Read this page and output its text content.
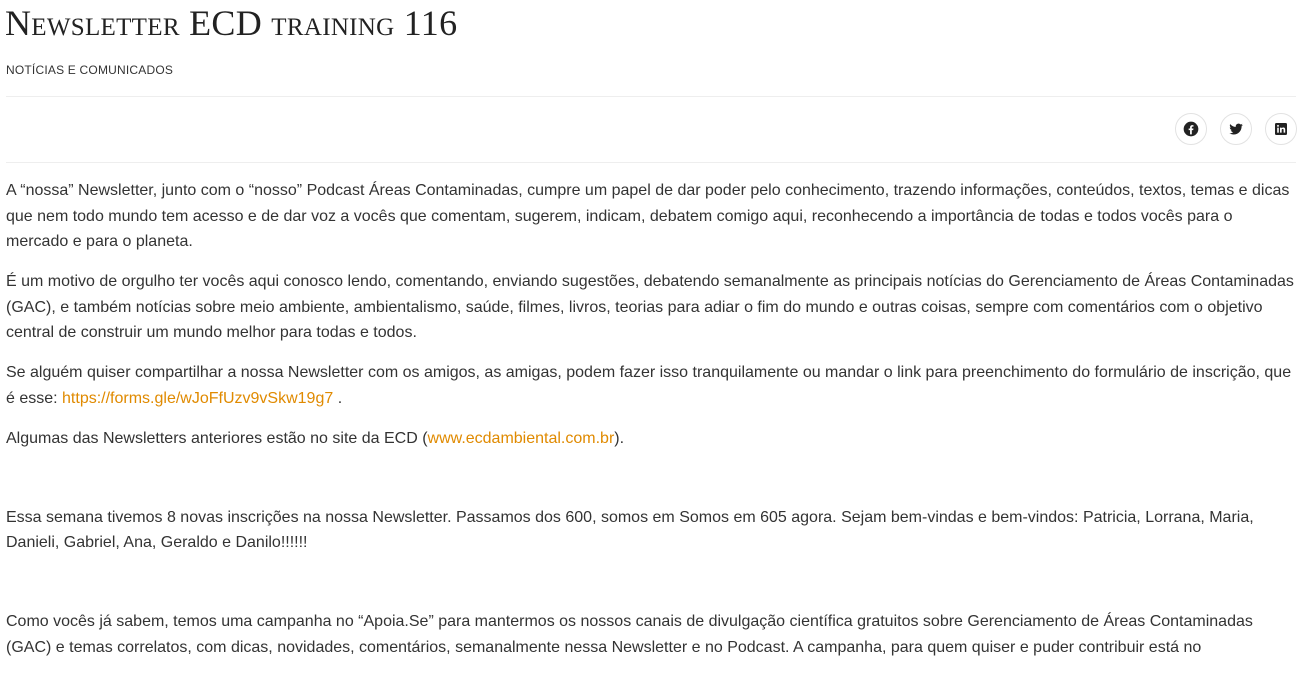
Newsletter ECD training 116
NOTÍCIAS E COMUNICADOS

A “nossa” Newsletter, junto com o “nosso” Podcast Áreas Contaminadas, cumpre um papel de dar poder pelo conhecimento, trazendo informações, conteúdos, textos, temas e dicas que nem todo mundo tem acesso e de dar voz a vocês que comentam, sugerem, indicam, debatem comigo aqui, reconhecendo a importância de todas e todos vocês para o mercado e para o planeta.

É um motivo de orgulho ter vocês aqui conosco lendo, comentando, enviando sugestões, debatendo semanalmente as principais notícias do Gerenciamento de Áreas Contaminadas (GAC), e também notícias sobre meio ambiente, ambientalismo, saúde, filmes, livros, teorias para adiar o fim do mundo e outras coisas, sempre com comentários com o objetivo central de construir um mundo melhor para todas e todos.

Se alguém quiser compartilhar a nossa Newsletter com os amigos, as amigas, podem fazer isso tranquilamente ou mandar o link para preenchimento do formulário de inscrição, que é esse: https://forms.gle/wJoFfUzv9vSkw19g7 .

Algumas das Newsletters anteriores estão no site da ECD (www.ecdambiental.com.br).

Essa semana tivemos 8 novas inscrições na nossa Newsletter. Passamos dos 600, somos em Somos em 605 agora. Sejam bem-vindas e bem-vindos: Patricia, Lorrana, Maria, Danieli, Gabriel, Ana, Geraldo e Danilo!!!!!!

Como vocês já sabem, temos uma campanha no “Apoia.Se” para mantermos os nossos canais de divulgação científica gratuitos sobre Gerenciamento de Áreas Contaminadas (GAC) e temas correlatos, com dicas, novidades, comentários, semanalmente nessa Newsletter e no Podcast. A campanha, para quem quiser e puder contribuir está no
